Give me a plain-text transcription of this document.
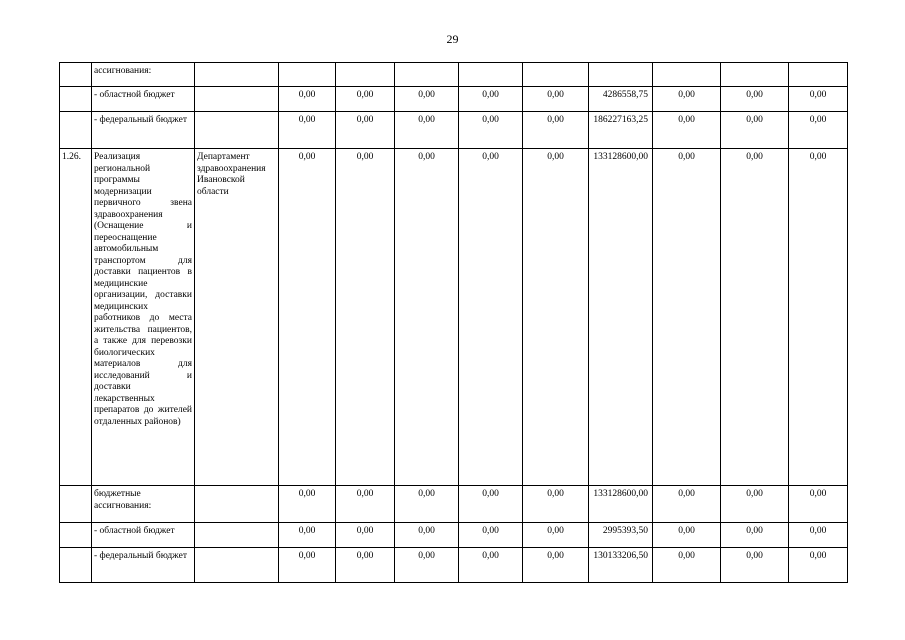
29
	ассигнования:										
	- областной бюджет		0,00	0,00	0,00	0,00	0,00	4286558,75	0,00	0,00	0,00
	- федеральный бюджет		0,00	0,00	0,00	0,00	0,00	186227163,25	0,00	0,00	0,00
1.26.	Реализация региональной программы модернизации первичного звена здравоохранения (Оснащение и переоснащение автомобильным транспортом для доставки пациентов в медицинские организации, доставки медицинских работников до места жительства пациентов, а также для перевозки биологических материалов для исследований и доставки лекарственных препаратов до жителей отдаленных районов)	Департамент здравоохранения Ивановской области	0,00	0,00	0,00	0,00	0,00	133128600,00	0,00	0,00	0,00
	бюджетные ассигнования:		0,00	0,00	0,00	0,00	0,00	133128600,00	0,00	0,00	0,00
	- областной бюджет		0,00	0,00	0,00	0,00	0,00	2995393,50	0,00	0,00	0,00
	- федеральный бюджет		0,00	0,00	0,00	0,00	0,00	130133206,50	0,00	0,00	0,00
